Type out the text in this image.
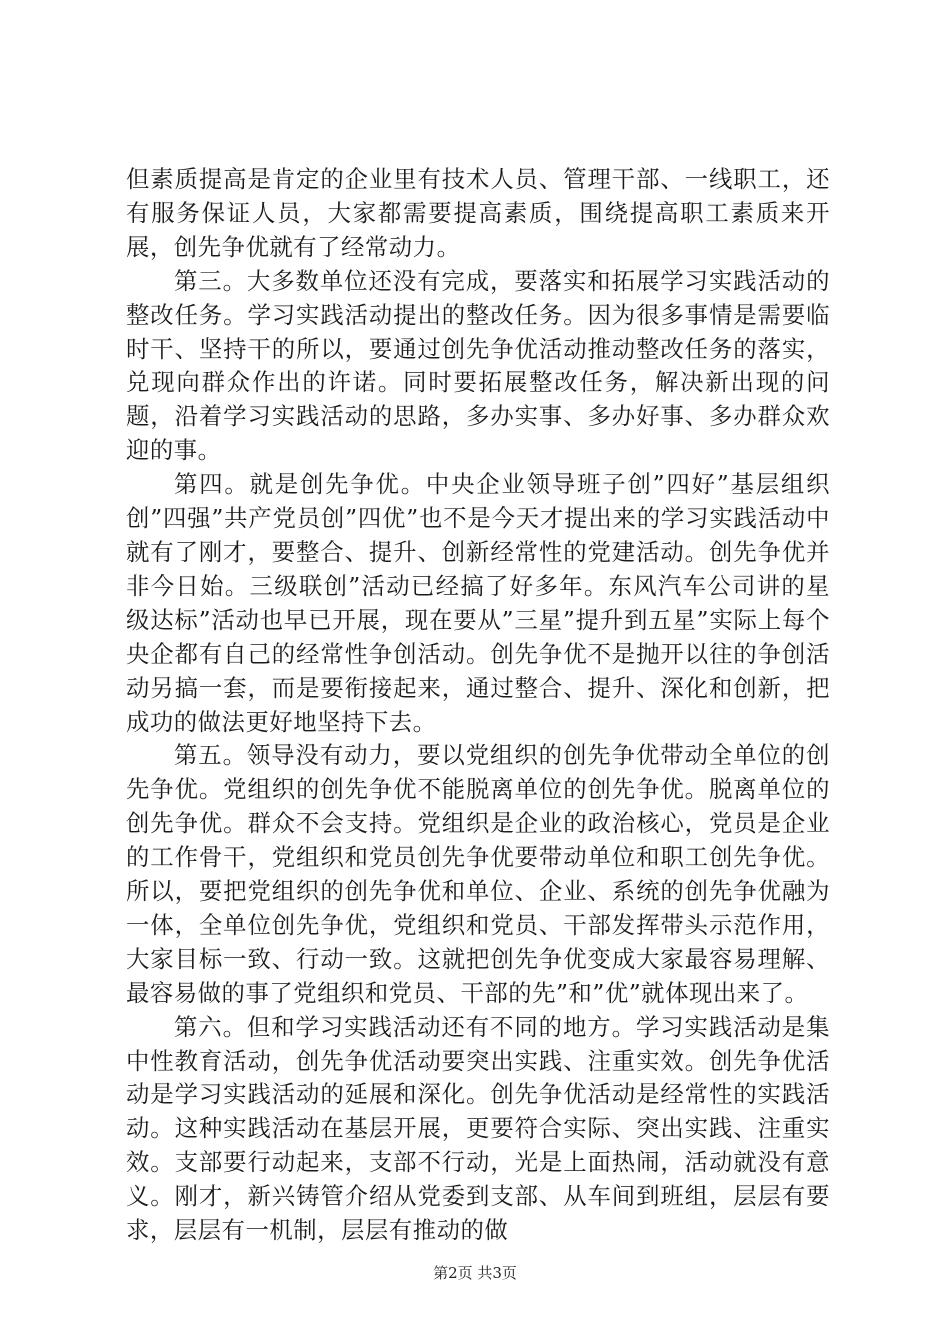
但素质提高是肯定的企业里有技术人员、管理干部、一线职工，还有服务保证人员，大家都需要提高素质，围绕提高职工素质来开展，创先争优就有了经常动力。

第三。大多数单位还没有完成，要落实和拓展学习实践活动的整改任务。学习实践活动提出的整改任务。因为很多事情是需要临时干、坚持干的所以，要通过创先争优活动推动整改任务的落实，兑现向群众作出的许诺。同时要拓展整改任务，解决新出现的问题，沿着学习实践活动的思路，多办实事、多办好事、多办群众欢迎的事。

第四。就是创先争优。中央企业领导班子创”四好”基层组织创”四强”共产党员创”四优”也不是今天才提出来的学习实践活动中就有了刚才，要整合、提升、创新经常性的党建活动。创先争优并非今日始。三级联创”活动已经搞了好多年。东风汽车公司讲的星级达标”活动也早已开展，现在要从”三星”提升到五星”实际上每个央企都有自己的经常性争创活动。创先争优不是抛开以往的争创活动另搞一套，而是要衔接起来，通过整合、提升、深化和创新，把成功的做法更好地坚持下去。

第五。领导没有动力，要以党组织的创先争优带动全单位的创先争优。党组织的创先争优不能脱离单位的创先争优。脱离单位的创先争优。群众不会支持。党组织是企业的政治核心，党员是企业的工作骨干，党组织和党员创先争优要带动单位和职工创先争优。所以，要把党组织的创先争优和单位、企业、系统的创先争优融为一体，全单位创先争优，党组织和党员、干部发挥带头示范作用，大家目标一致、行动一致。这就把创先争优变成大家最容易理解、最容易做的事了党组织和党员、干部的先”和”优”就体现出来了。

第六。但和学习实践活动还有不同的地方。学习实践活动是集中性教育活动，创先争优活动要突出实践、注重实效。创先争优活动是学习实践活动的延展和深化。创先争优活动是经常性的实践活动。这种实践活动在基层开展，更要符合实际、突出实践、注重实效。支部要行动起来，支部不行动，光是上面热闹，活动就没有意义。刚才，新兴铸管介绍从党委到支部、从车间到班组，层层有要求，层层有一机制，层层有推动的做

第2页 共3页
